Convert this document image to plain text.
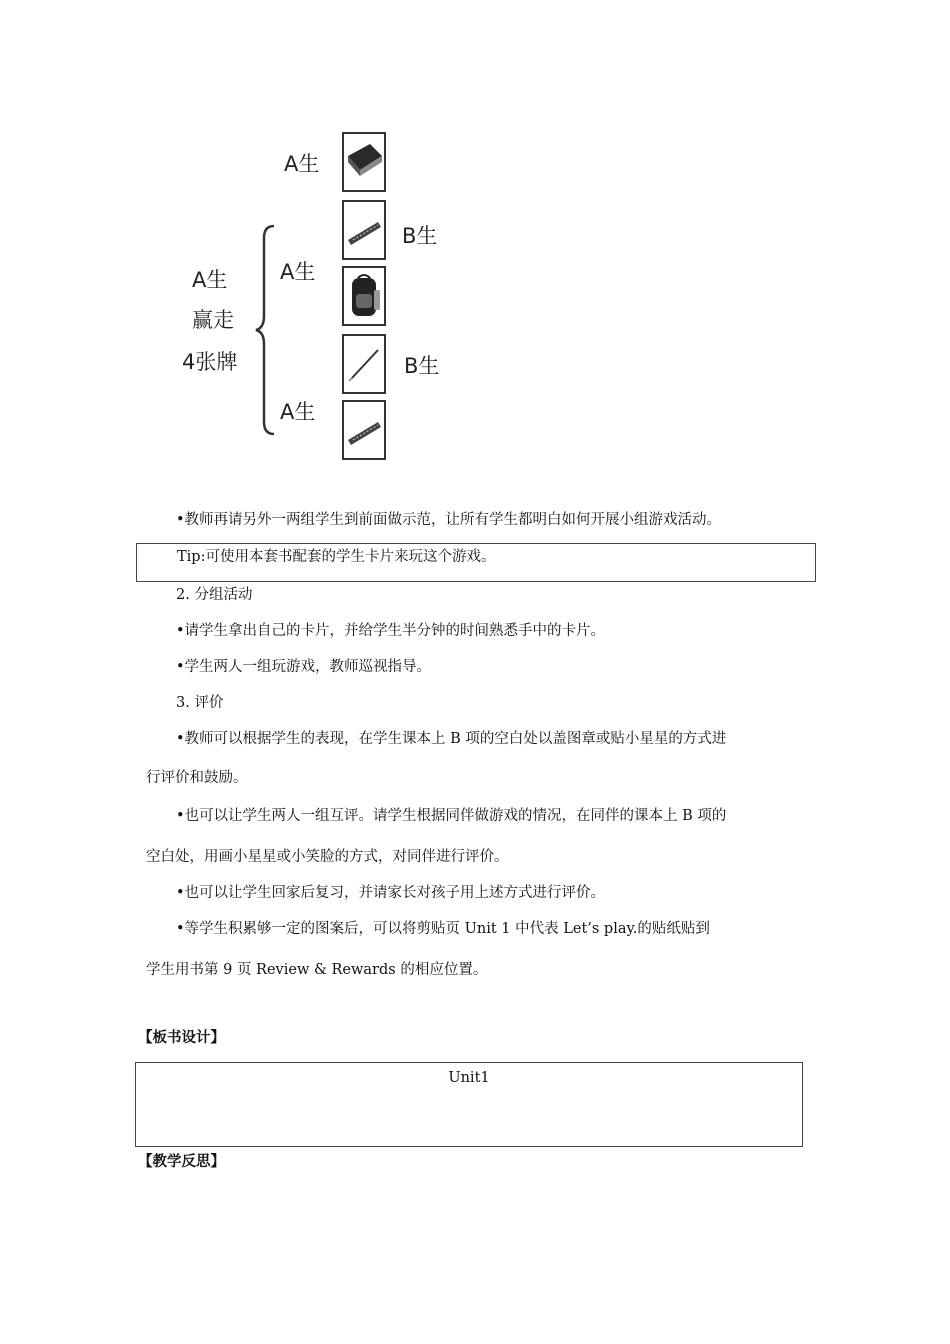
A生
A生
A生
B生
B生
A生
赢走
4张牌
•教师再请另外一两组学生到前面做示范，让所有学生都明白如何开展小组游戏活动。
Tip:可使用本套书配套的学生卡片来玩这个游戏。
2. 分组活动
•请学生拿出自己的卡片，并给学生半分钟的时间熟悉手中的卡片。
•学生两人一组玩游戏，教师巡视指导。
3. 评价
•教师可以根据学生的表现，在学生课本上 B 项的空白处以盖图章或贴小星星的方式进
行评价和鼓励。
•也可以让学生两人一组互评。请学生根据同伴做游戏的情况，在同伴的课本上 B 项的
空白处，用画小星星或小笑脸的方式，对同伴进行评价。
•也可以让学生回家后复习，并请家长对孩子用上述方式进行评价。
•等学生积累够一定的图案后，可以将剪贴页 Unit 1 中代表 Let’s play.的贴纸贴到
学生用书第 9 页 Review & Rewards 的相应位置。
【板书设计】
Unit1
【教学反思】
